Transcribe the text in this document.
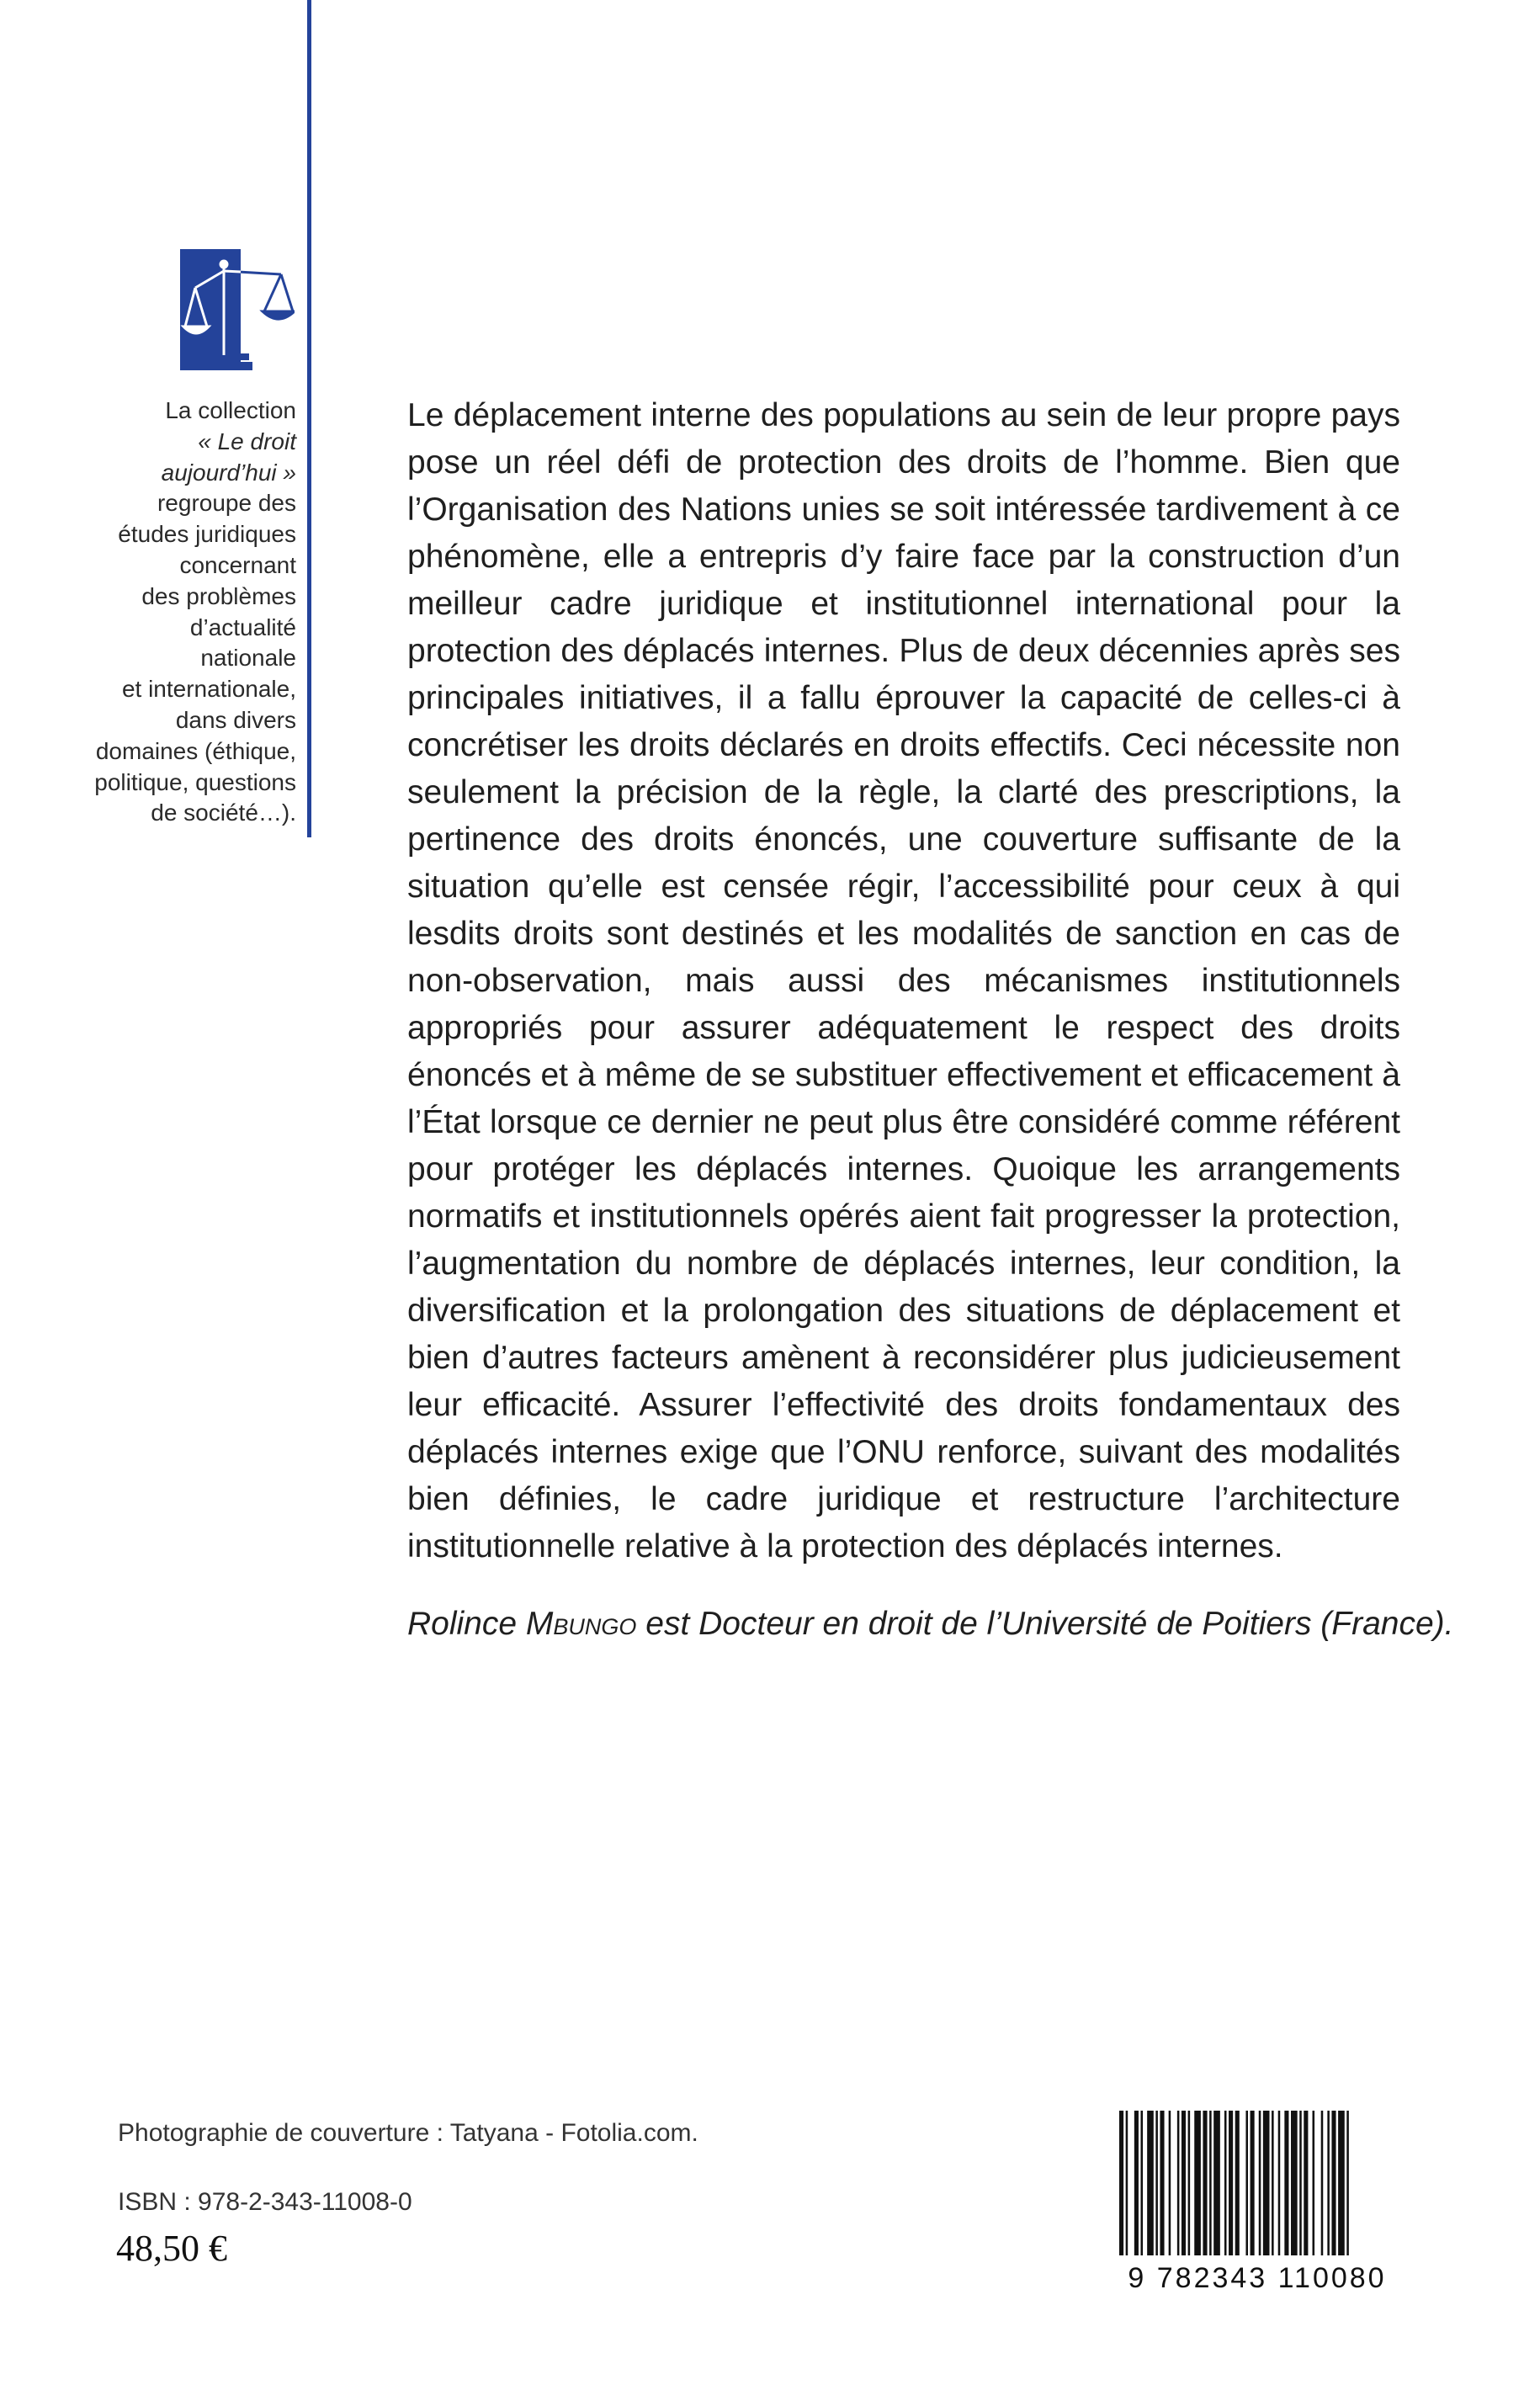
La collection
« Le droit
aujourd’hui »
regroupe des
études juridiques
concernant
des problèmes
d’actualité
nationale
et internationale,
dans divers
domaines (éthique,
politique, questions
de société…).

Le déplacement interne des populations au sein de leur propre pays pose un réel défi de protection des droits de l’homme. Bien que l’Organisation des Nations unies se soit intéressée tardivement à ce phénomène, elle a entrepris d’y faire face par la construction d’un meilleur cadre juridique et institutionnel international pour la protection des déplacés internes. Plus de deux décennies après ses principales initiatives, il a fallu éprouver la capacité de celles-ci à concrétiser les droits déclarés en droits effectifs. Ceci nécessite non seulement la précision de la règle, la clarté des prescriptions, la pertinence des droits énoncés, une couverture suffisante de la situation qu’elle est censée régir, l’accessibilité pour ceux à qui lesdits droits sont destinés et les modalités de sanction en cas de non-observation, mais aussi des mécanismes institutionnels appropriés pour assurer adéquatement le respect des droits énoncés et à même de se substituer effectivement et efficacement à l’État lorsque ce dernier ne peut plus être considéré comme référent pour protéger les déplacés internes. Quoique les arrangements normatifs et institutionnels opérés aient fait progresser la protection, l’augmentation du nombre de déplacés internes, leur condition, la diversification et la prolongation des situations de déplacement et bien d’autres facteurs amènent à reconsidérer plus judicieusement leur efficacité. Assurer l’effectivité des droits fondamentaux des déplacés internes exige que l’ONU renforce, suivant des modalités bien définies, le cadre juridique et restructure l’architecture institutionnelle relative à la protection des déplacés internes.

Rolince Mbungo est Docteur en droit de l’Université de Poitiers (France).
Photographie de couverture : Tatyana - Fotolia.com.
ISBN : 978-2-343-11008-0
48,50 €
9 782343 110080
